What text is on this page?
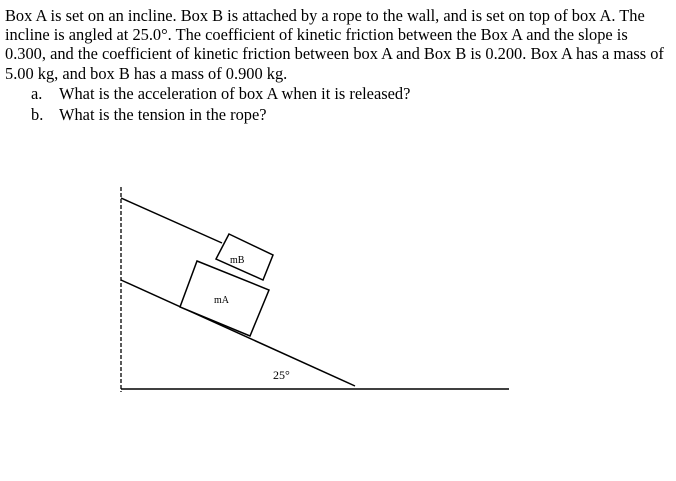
Box A is set on an incline. Box B is attached by a rope to the wall, and is set on top of box A. The incline is angled at 25.0°. The coefficient of kinetic friction between the Box A and the slope is 0.300, and the coefficient of kinetic friction between box A and Box B is 0.200. Box A has a mass of 5.00 kg, and box B has a mass of 0.900 kg.

a. What is the acceleration of box A when it is released?
b. What is the tension in the rope?
mB
mA
25°
